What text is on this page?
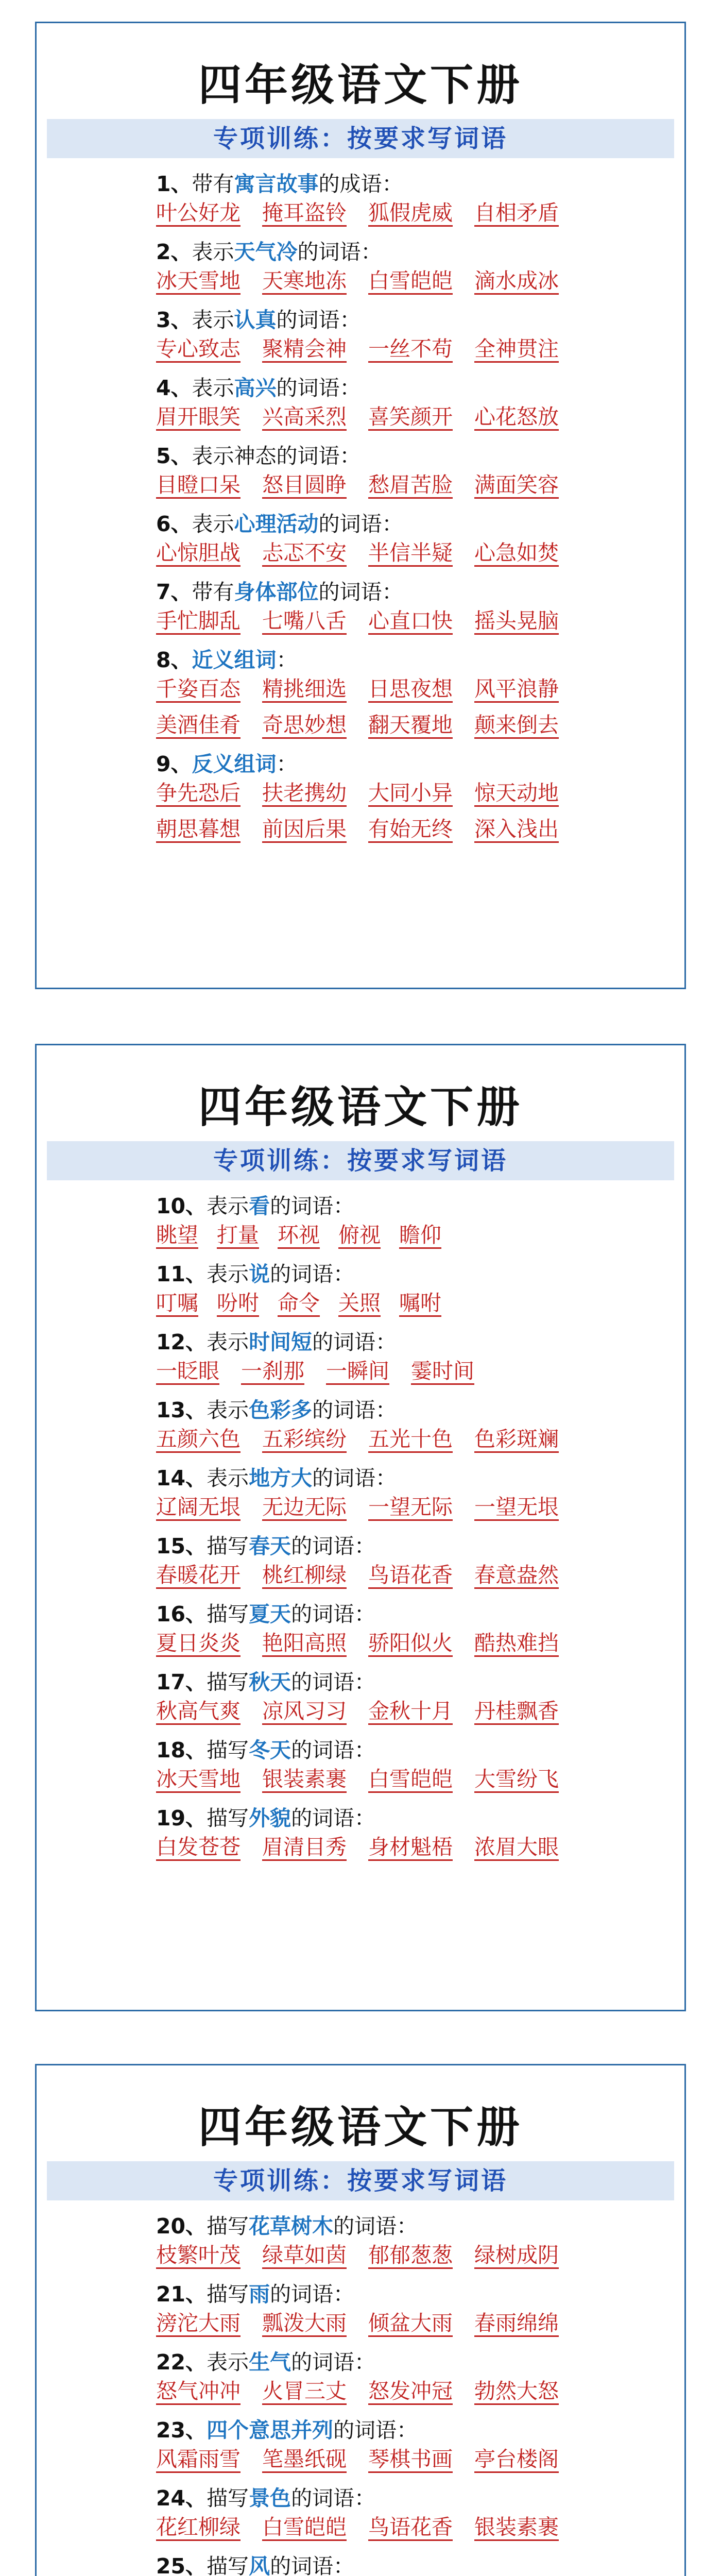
四年级语文下册
专项训练：按要求写词语
1、带有寓言故事的成语：
叶公好龙 掩耳盗铃 狐假虎威 自相矛盾
2、表示天气冷的词语：
冰天雪地 天寒地冻 白雪皑皑 滴水成冰
3、表示认真的词语：
专心致志 聚精会神 一丝不苟 全神贯注
4、表示高兴的词语：
眉开眼笑 兴高采烈 喜笑颜开 心花怒放
5、表示神态的词语：
目瞪口呆 怒目圆睁 愁眉苦脸 满面笑容
6、表示心理活动的词语：
心惊胆战 忐忑不安 半信半疑 心急如焚
7、带有身体部位的词语：
手忙脚乱 七嘴八舌 心直口快 摇头晃脑
8、近义组词：
千姿百态 精挑细选 日思夜想 风平浪静
美酒佳肴 奇思妙想 翻天覆地 颠来倒去
9、反义组词：
争先恐后 扶老携幼 大同小异 惊天动地
朝思暮想 前因后果 有始无终 深入浅出
四年级语文下册
专项训练：按要求写词语
10、表示看的词语：
眺望 打量 环视 俯视 瞻仰
11、表示说的词语：
叮嘱 吩咐 命令 关照 嘱咐
12、表示时间短的词语：
一眨眼 一刹那 一瞬间 霎时间
13、表示色彩多的词语：
五颜六色 五彩缤纷 五光十色 色彩斑斓
14、表示地方大的词语：
辽阔无垠 无边无际 一望无际 一望无垠
15、描写春天的词语：
春暖花开 桃红柳绿 鸟语花香 春意盎然
16、描写夏天的词语：
夏日炎炎 艳阳高照 骄阳似火 酷热难挡
17、描写秋天的词语：
秋高气爽 凉风习习 金秋十月 丹桂飘香
18、描写冬天的词语：
冰天雪地 银装素裹 白雪皑皑 大雪纷飞
19、描写外貌的词语：
白发苍苍 眉清目秀 身材魁梧 浓眉大眼
四年级语文下册
专项训练：按要求写词语
20、描写花草树木的词语：
枝繁叶茂 绿草如茵 郁郁葱葱 绿树成阴
21、描写雨的词语：
滂沱大雨 瓢泼大雨 倾盆大雨 春雨绵绵
22、表示生气的词语：
怒气冲冲 火冒三丈 怒发冲冠 勃然大怒
23、四个意思并列的词语：
风霜雨雪 笔墨纸砚 琴棋书画 亭台楼阁
24、描写景色的词语：
花红柳绿 白雪皑皑 鸟语花香 银装素裹
25、描写风的词语：
